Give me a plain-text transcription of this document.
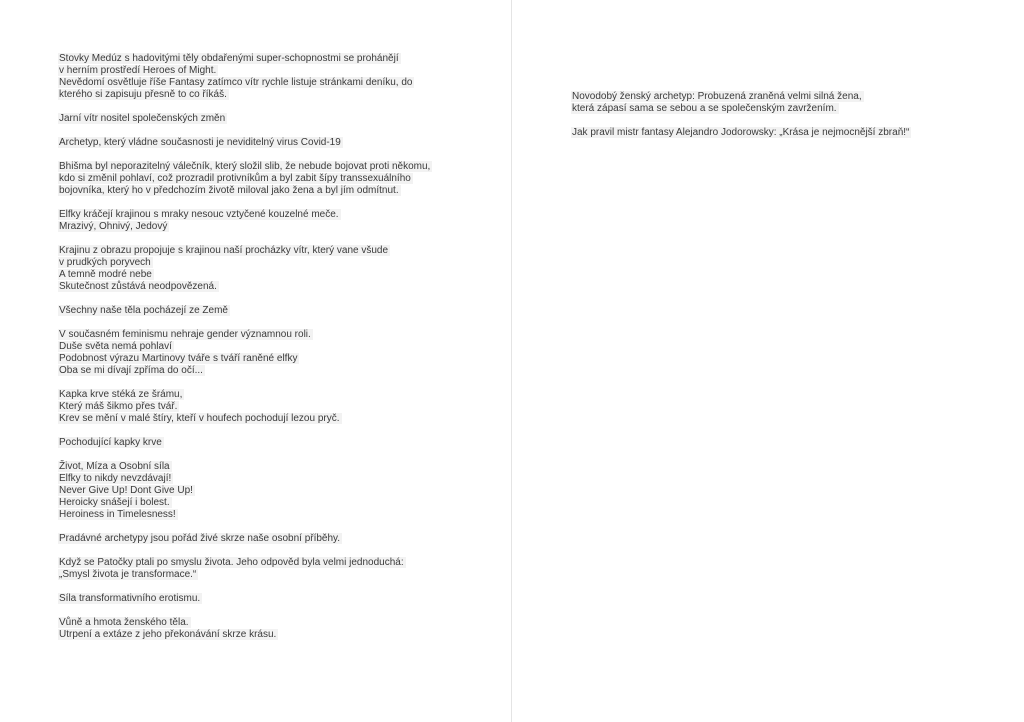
Stovky Medúz s hadovitými těly obdařenými super-schopnostmi se prohánějí
v herním prostředí Heroes of Might.
Nevědomí osvětluje říše Fantasy zatímco vítr rychle listuje stránkami deníku, do
kterého si zapisuju přesně to co říkáš.

Jarní vítr nositel společenských změn

Archetyp, který vládne současnosti je neviditelný virus Covid-19

Bhišma byl neporazitelný válečník, který složil slib, že nebude bojovat proti někomu,
kdo si změnil pohlaví, což prozradil protivníkům a byl zabit šípy transsexuálního
bojovníka, který ho v předchozím životě miloval jako žena a byl jím odmítnut.

Elfky kráčejí krajinou s mraky nesouc vztyčené kouzelné meče.
Mrazivý, Ohnivý, Jedový

Krajinu z obrazu propojuje s krajinou naší procházky vítr, který vane všude
v prudkých poryvech
A temně modré nebe
Skutečnost zůstává neodpovězená.

Všechny naše těla pocházejí ze Země

V současném feminismu nehraje gender významnou roli.
Duše světa nemá pohlaví
Podobnost výrazu Martinovy tváře s tváří raněné elfky
Oba se mi dívají zpříma do očí...

Kapka krve stéká ze šrámu,
Který máš šikmo přes tvář.
Krev se mění v malé štíry, kteří v houfech pochodují lezou pryč.

Pochodující kapky krve

Život, Míza a Osobní síla
Elfky to nikdy nevzdávají!
Never Give Up! Dont Give Up!
Heroicky snášejí i bolest.
Heroiness in Timelesness!

Pradávné archetypy jsou pořád živé skrze naše osobní příběhy.

Když se Patočky ptali po smyslu života. Jeho odpověd byla velmi jednoduchá:
„Smysl života je transformace.“

Síla transformativního erotismu.

Vůně a hmota ženského těla.
Utrpení a extáze z jeho překonávání skrze krásu.

Novodobý ženský archetyp: Probuzená zraněná velmi silná žena,
která zápasí sama se sebou a se společenským zavržením.

Jak pravil mistr fantasy Alejandro Jodorowsky: „Krása je nejmocnější zbraň!“
